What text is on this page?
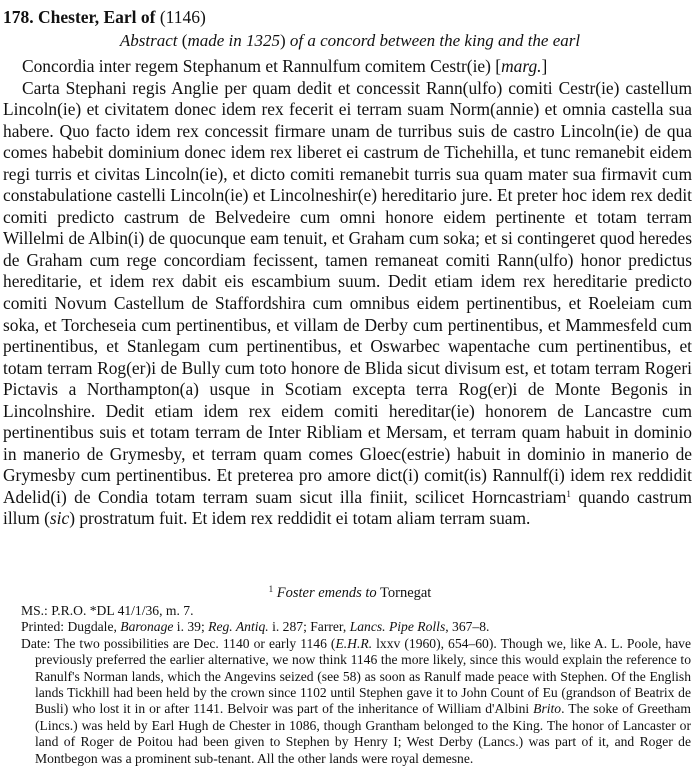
178. Chester, Earl of (1146)
Abstract (made in 1325) of a concord between the king and the earl

Concordia inter regem Stephanum et Rannulfum comitem Cestr(ie) [marg.]

Carta Stephani regis Anglie per quam dedit et concessit Rann(ulfo) comiti Cestr(ie) castellum Lincoln(ie) et civitatem donec idem rex fecerit ei terram suam Norm(annie) et omnia castella sua habere. Quo facto idem rex concessit firmare unam de turribus suis de castro Lincoln(ie) de qua comes habebit dominium donec idem rex liberet ei castrum de Tichehilla, et tunc remanebit eidem regi turris et civitas Lincoln(ie), et dicto comiti remanebit turris sua quam mater sua firmavit cum constabulatione castelli Lincoln(ie) et Lincolneshir(e) hereditario jure. Et preter hoc idem rex dedit comiti predicto castrum de Belvedeire cum omni honore eidem pertinente et totam terram Willelmi de Albin(i) de quocunque eam tenuit, et Graham cum soka; et si contingeret quod heredes de Graham cum rege concordiam fecissent, tamen remaneat comiti Rann(ulfo) honor predictus hereditarie, et idem rex dabit eis escambium suum. Dedit etiam idem rex hereditarie predicto comiti Novum Castellum de Staffordshira cum omnibus eidem pertinentibus, et Roeleiam cum soka, et Torcheseia cum pertinentibus, et villam de Derby cum pertinentibus, et Mammesfeld cum pertinentibus, et Stanlegam cum pertinentibus, et Oswarbec wapentache cum pertinentibus, et totam terram Rog(er)i de Bully cum toto honore de Blida sicut divisum est, et totam terram Rogeri Pictavis a Northampton(a) usque in Scotiam excepta terra Rog(er)i de Monte Begonis in Lincolnshire. Dedit etiam idem rex eidem comiti hereditar(ie) honorem de Lancastre cum pertinentibus suis et totam terram de Inter Ribliam et Mersam, et terram quam habuit in dominio in manerio de Grymesby, et terram quam comes Gloec(estrie) habuit in dominio in manerio de Grymesby cum pertinentibus. Et preterea pro amore dict(i) comit(is) Rannulf(i) idem rex reddidit Adelid(i) de Condia totam terram suam sicut illa finiit, scilicet Horncastriam$^1$ quando castrum illum (sic) prostratum fuit. Et idem rex reddidit ei totam aliam terram suam.

$^1$ Foster emends to Tornegat
MS.: P.R.O. *DL 41/1/36, m. 7.
Printed: Dugdale, Baronage i. 39; Reg. Antiq. i. 287; Farrer, Lancs. Pipe Rolls, 367–8.
Date: The two possibilities are Dec. 1140 or early 1146 (E.H.R. lxxv (1960), 654–60). Though we, like A. L. Poole, have previously preferred the earlier alternative, we now think 1146 the more likely, since this would explain the reference to Ranulf's Norman lands, which the Angevins seized (see 58) as soon as Ranulf made peace with Stephen. Of the English lands Tickhill had been held by the crown since 1102 until Stephen gave it to John Count of Eu (grandson of Beatrix de Busli) who lost it in or after 1141. Belvoir was part of the inheritance of William d'Albini Brito. The soke of Greetham (Lincs.) was held by Earl Hugh de Chester in 1086, though Grantham belonged to the King. The honor of Lancaster or land of Roger de Poitou had been given to Stephen by Henry I; West Derby (Lancs.) was part of it, and Roger de Montbegon was a prominent sub-tenant. All the other lands were royal demesne.
